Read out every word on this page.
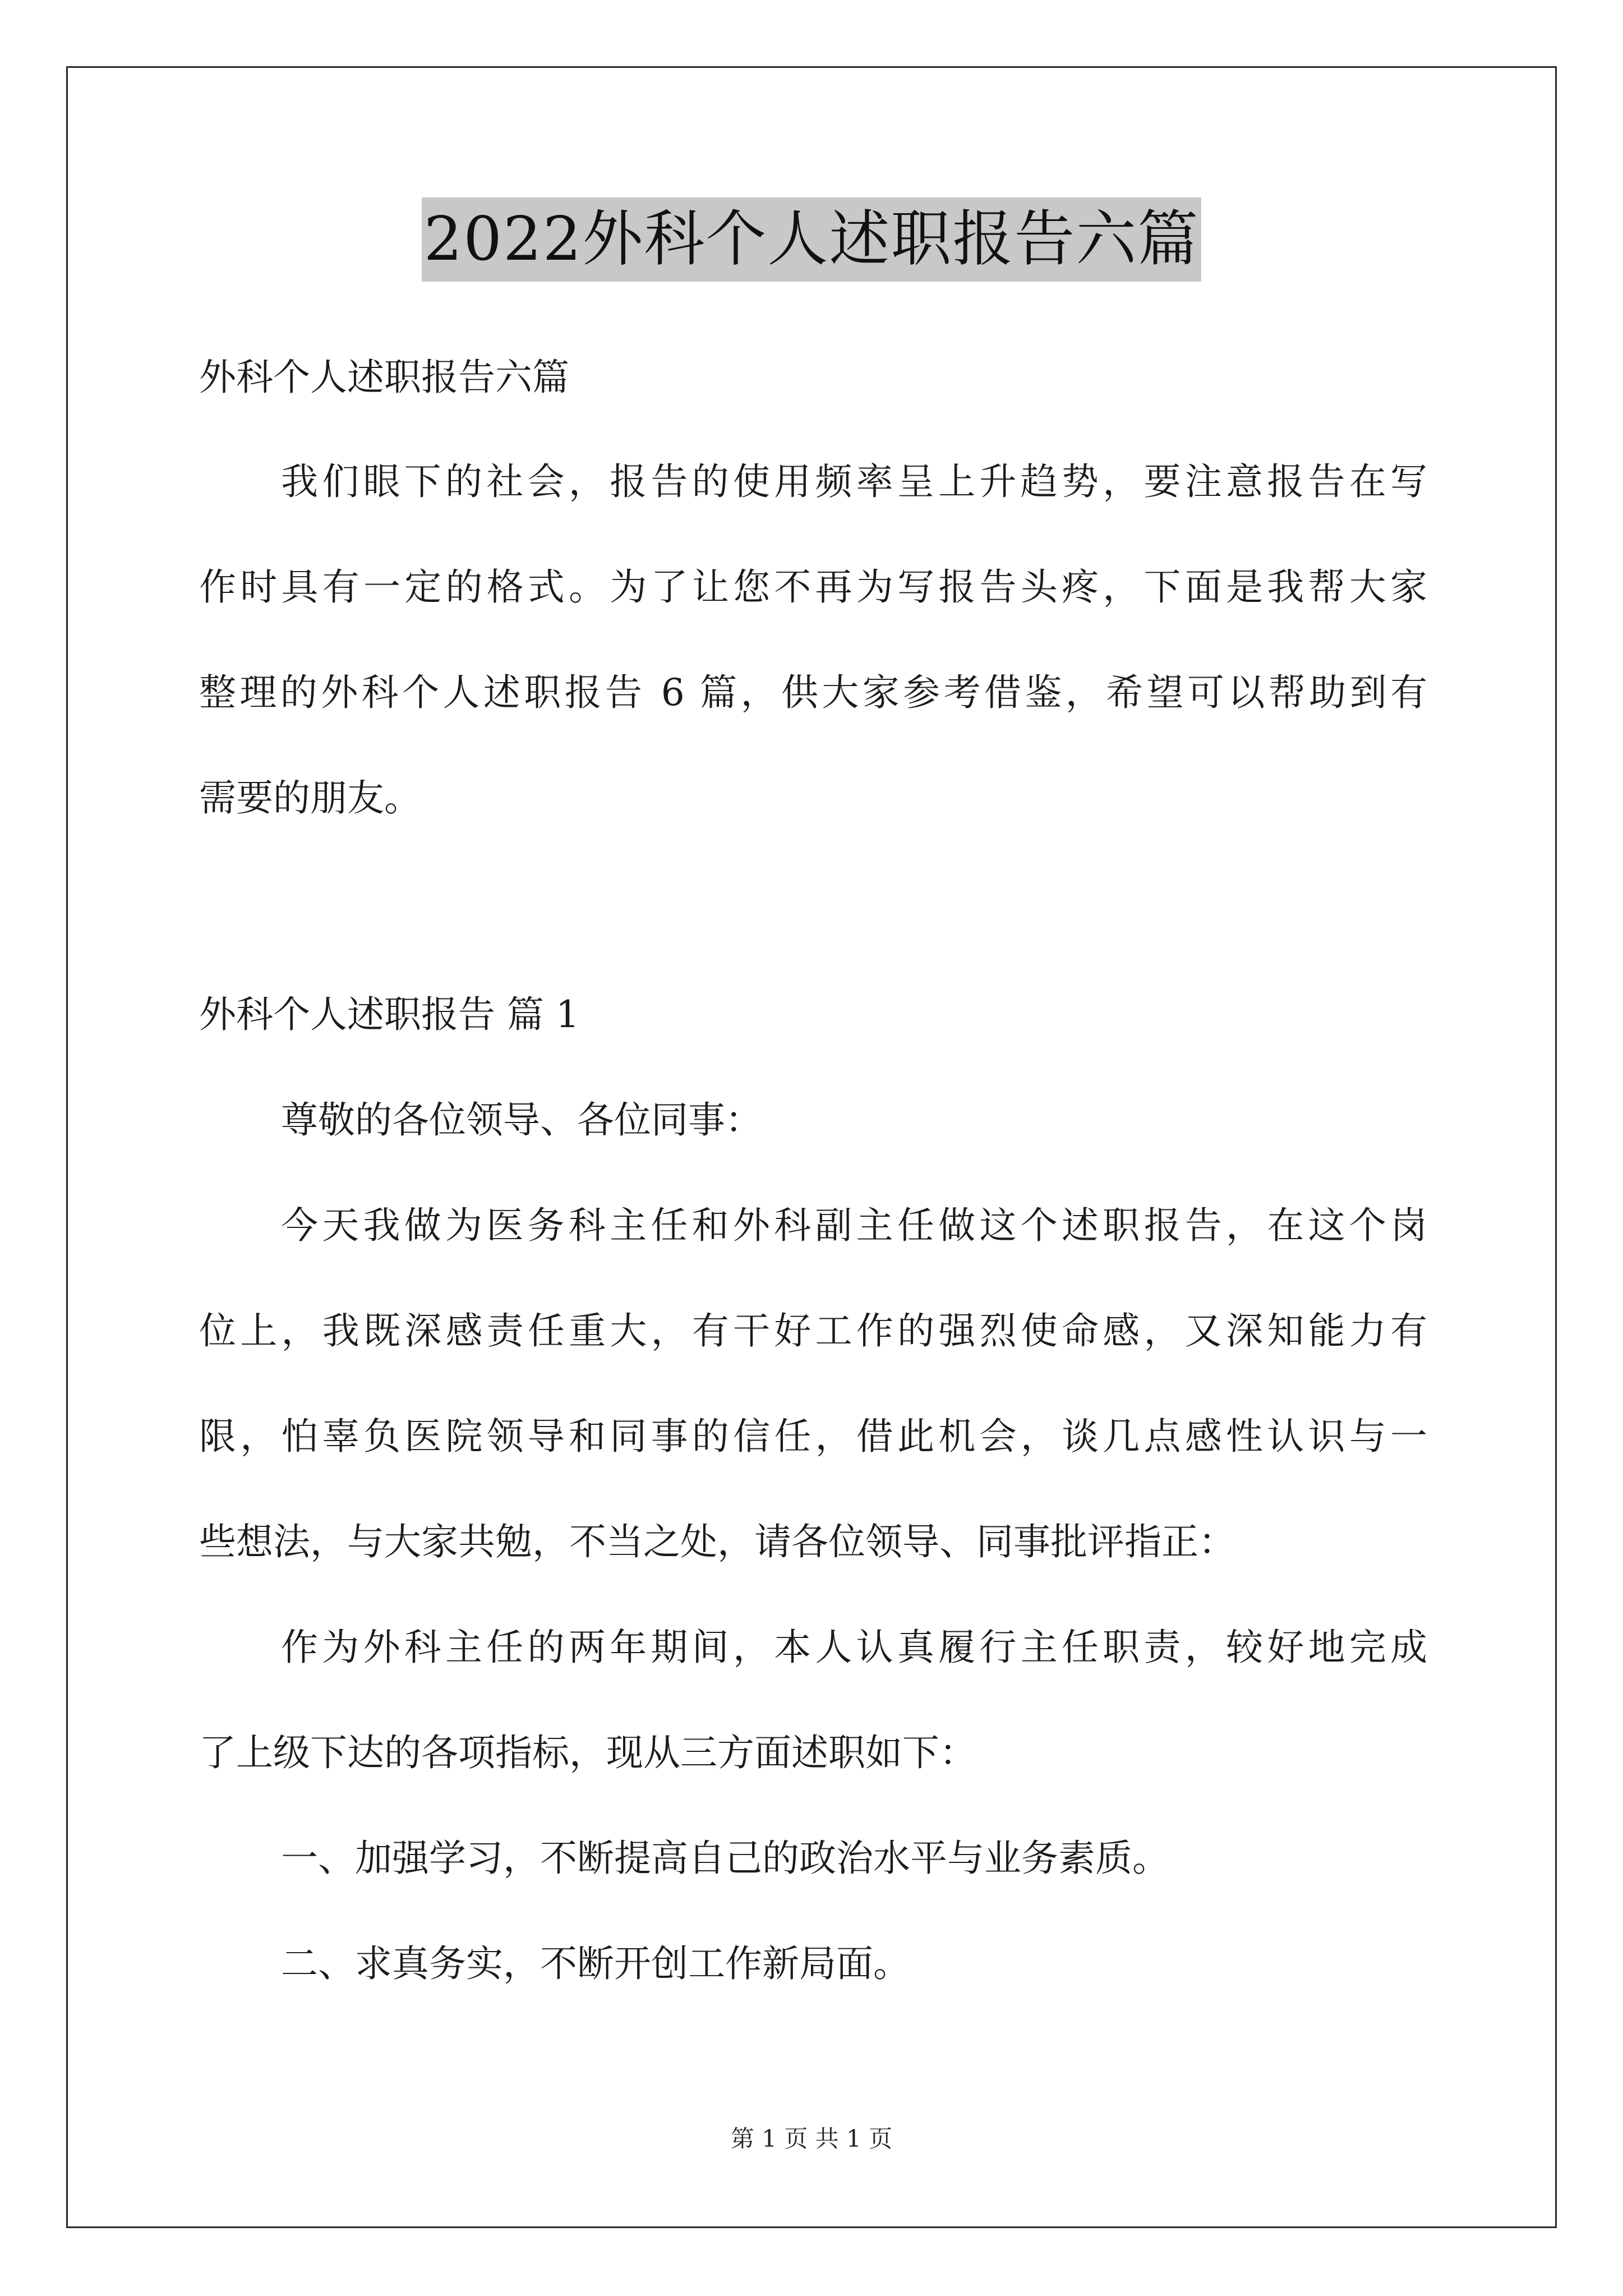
2022外科个人述职报告六篇
外科个人述职报告六篇
我们眼下的社会，报告的使用频率呈上升趋势，要注意报告在写
作时具有一定的格式。为了让您不再为写报告头疼，下面是我帮大家
整理的外科个人述职报告 6 篇，供大家参考借鉴，希望可以帮助到有
需要的朋友。
外科个人述职报告 篇 1
尊敬的各位领导、各位同事：
今天我做为医务科主任和外科副主任做这个述职报告，在这个岗
位上，我既深感责任重大，有干好工作的强烈使命感，又深知能力有
限，怕辜负医院领导和同事的信任，借此机会，谈几点感性认识与一
些想法，与大家共勉，不当之处，请各位领导、同事批评指正：
作为外科主任的两年期间，本人认真履行主任职责，较好地完成
了上级下达的各项指标，现从三方面述职如下：
一、加强学习，不断提高自己的政治水平与业务素质。
二、求真务实，不断开创工作新局面。
第 1 页 共 1 页
